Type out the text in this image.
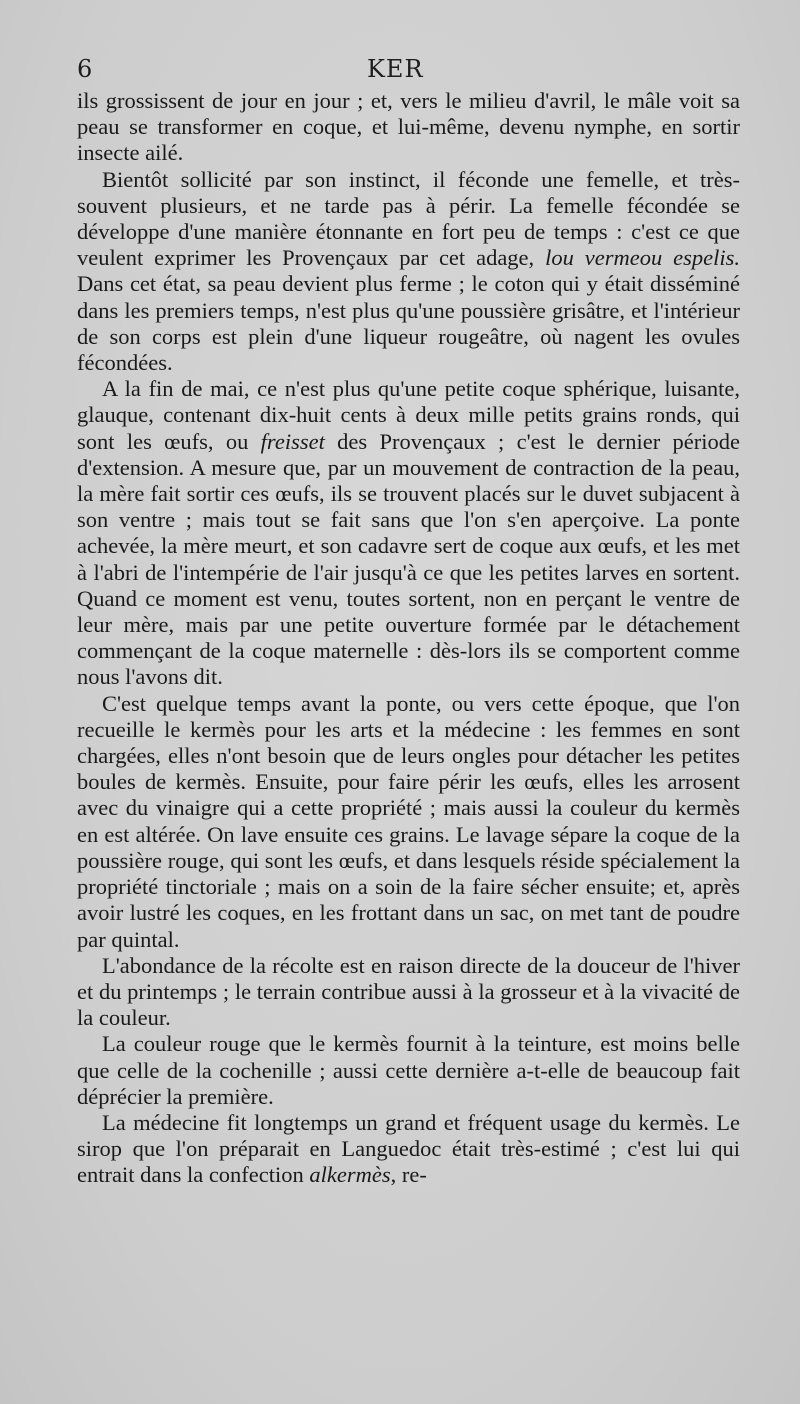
6	KER

ils grossissent de jour en jour ; et, vers le milieu d'avril, le mâle voit sa peau se transformer en coque, et lui-même, devenu nymphe, en sortir insecte ailé.

Bientôt sollicité par son instinct, il féconde une femelle, et très-souvent plusieurs, et ne tarde pas à périr. La femelle fécondée se développe d'une manière étonnante en fort peu de temps : c'est ce que veulent exprimer les Provençaux par cet adage, lou vermeou espelis. Dans cet état, sa peau devient plus ferme ; le coton qui y était disséminé dans les premiers temps, n'est plus qu'une poussière grisâtre, et l'intérieur de son corps est plein d'une liqueur rougeâtre, où nagent les ovules fécondées.

A la fin de mai, ce n'est plus qu'une petite coque sphérique, luisante, glauque, contenant dix-huit cents à deux mille petits grains ronds, qui sont les œufs, ou freisset des Provençaux ; c'est le dernier période d'extension. A mesure que, par un mouvement de contraction de la peau, la mère fait sortir ces œufs, ils se trouvent placés sur le duvet subjacent à son ventre ; mais tout se fait sans que l'on s'en aperçoive. La ponte achevée, la mère meurt, et son cadavre sert de coque aux œufs, et les met à l'abri de l'intempérie de l'air jusqu'à ce que les petites larves en sortent. Quand ce moment est venu, toutes sortent, non en perçant le ventre de leur mère, mais par une petite ouverture formée par le détachement commençant de la coque maternelle : dès-lors ils se comportent comme nous l'avons dit.

C'est quelque temps avant la ponte, ou vers cette époque, que l'on recueille le kermès pour les arts et la médecine : les femmes en sont chargées, elles n'ont besoin que de leurs ongles pour détacher les petites boules de kermès. Ensuite, pour faire périr les œufs, elles les arrosent avec du vinaigre qui a cette propriété ; mais aussi la couleur du kermès en est altérée. On lave ensuite ces grains. Le lavage sépare la coque de la poussière rouge, qui sont les œufs, et dans lesquels réside spécialement la propriété tinctoriale ; mais on a soin de la faire sécher ensuite; et, après avoir lustré les coques, en les frottant dans un sac, on met tant de poudre par quintal.

L'abondance de la récolte est en raison directe de la douceur de l'hiver et du printemps ; le terrain contribue aussi à la grosseur et à la vivacité de la couleur.

La couleur rouge que le kermès fournit à la teinture, est moins belle que celle de la cochenille ; aussi cette dernière a-t-elle de beaucoup fait déprécier la première.

La médecine fit longtemps un grand et fréquent usage du kermès. Le sirop que l'on préparait en Languedoc était très-estimé ; c'est lui qui entrait dans la confection alkermès, re-
